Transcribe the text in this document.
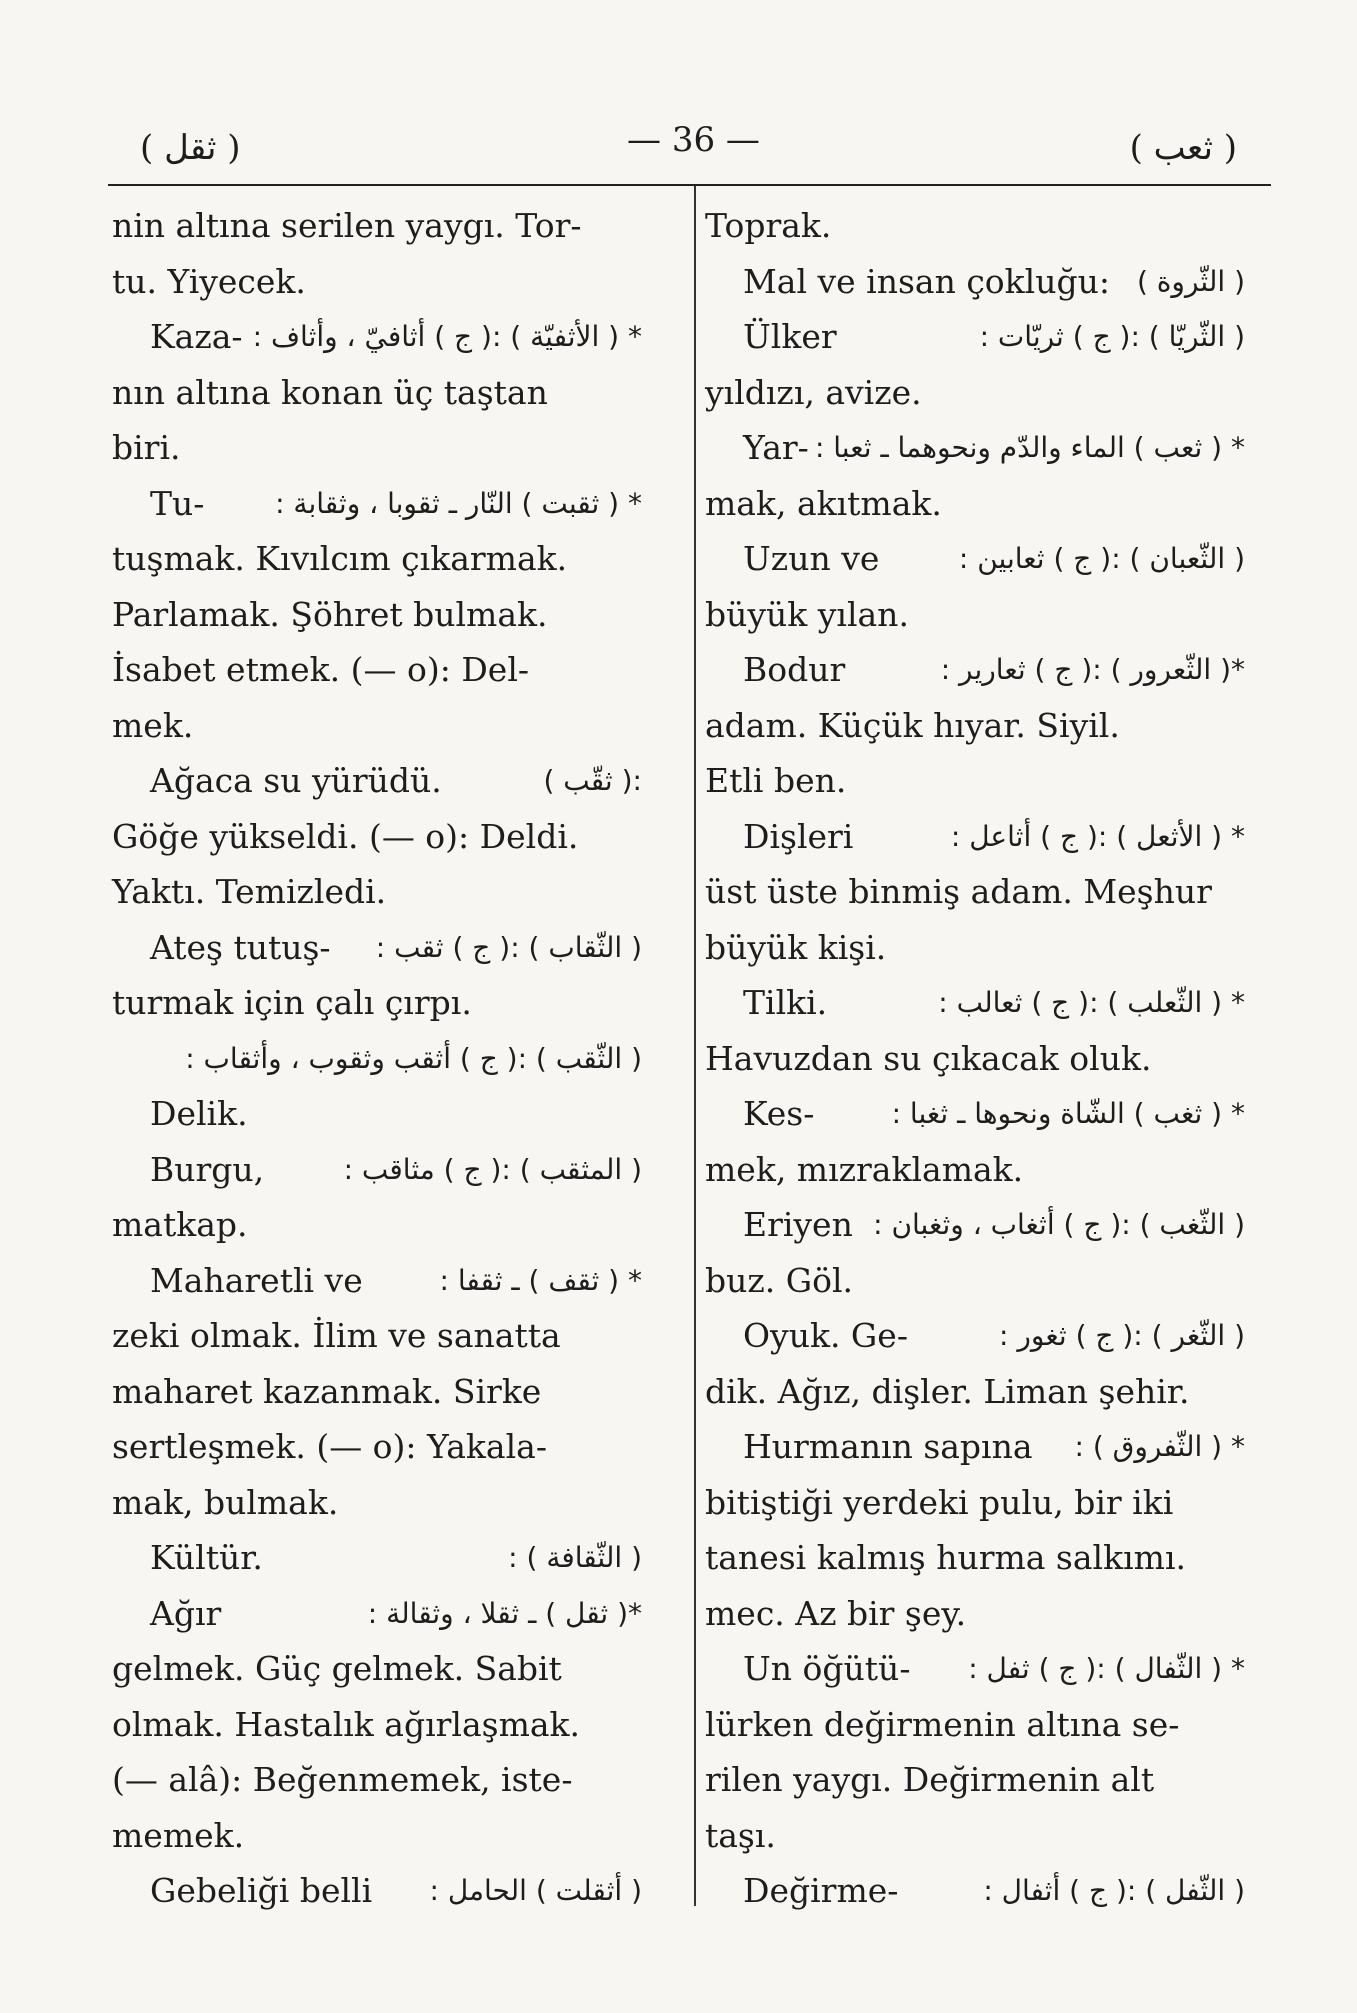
( ثقل )	— 36 —	( ثعب )
nin altına serilen yaygı. Tor-
tu. Yiyecek.
Kaza- * ( الأثفيّة ) :( ج ) أثافيّ ، وأثاف :
nın altına konan üç taştan
biri.
Tu-	* ( ثقبت ) النّار ـ ثقوبا ، وثقابة :
tuşmak. Kıvılcım çıkarmak.
Parlamak. Şöhret bulmak.
İsabet etmek. (— o): Del-
mek.
Ağaca su yürüdü.	:( ثقّب )
Göğe yükseldi. (— o): Deldi.
Yaktı. Temizledi.
Ateş tutuş- ( الثّقاب ) :( ج ) ثقب :
turmak için çalı çırpı.
( الثّقب ) :( ج ) أثقب وثقوب ، وأثقاب :
Delik.
Burgu,	( المثقب ) :( ج ) مثاقب :
matkap.
Maharetli ve	* ( ثقف ) ـ ثقفا :
zeki olmak. İlim ve sanatta
maharet kazanmak. Sirke
sertleşmek. (— o): Yakala-
mak, bulmak.
Kültür.	( الثّقافة ) :
Ağır	*( ثقل ) ـ ثقلا ، وثقالة :
gelmek. Güç gelmek. Sabit
olmak. Hastalık ağırlaşmak.
(— alâ): Beğenmemek, iste-
memek.
Gebeliği belli ( أثقلت ) الحامل :
Toprak.
Mal ve insan çokluğu: ( الثّروة )
Ülker	( الثّريّا ) :( ج ) ثريّات :
yıldızı, avize.
Yar- * ( ثعب ) الماء والدّم ونحوهما ـ ثعبا :
mak, akıtmak.
Uzun ve	( الثّعبان ) :( ج ) ثعابين :
büyük yılan.
Bodur	*( الثّعرور ) :( ج ) ثعارير :
adam. Küçük hıyar. Siyil.
Etli ben.
Dişleri	* ( الأثعل ) :( ج ) أثاعل :
üst üste binmiş adam. Meşhur
büyük kişi.
Tilki.	* ( الثّعلب ) :( ج ) ثعالب :
Havuzdan su çıkacak oluk.
Kes-	* ( ثغب ) الشّاة ونحوها ـ ثغبا :
mek, mızraklamak.
Eriyen ( الثّغب ) :( ج ) أثغاب ، وثغبان :
buz. Göl.
Oyuk. Ge-	( الثّغر ) :( ج ) ثغور :
dik. Ağız, dişler. Liman şehir.
Hurmanın sapına * ( الثّفروق ) :
bitiştiği yerdeki pulu, bir iki
tanesi kalmış hurma salkımı.
mec. Az bir şey.
Un öğütü- * ( الثّفال ) :( ج ) ثفل :
lürken değirmenin altına se-
rilen yaygı. Değirmenin alt
taşı.
Değirme-	( الثّفل ) :( ج ) أثفال :
